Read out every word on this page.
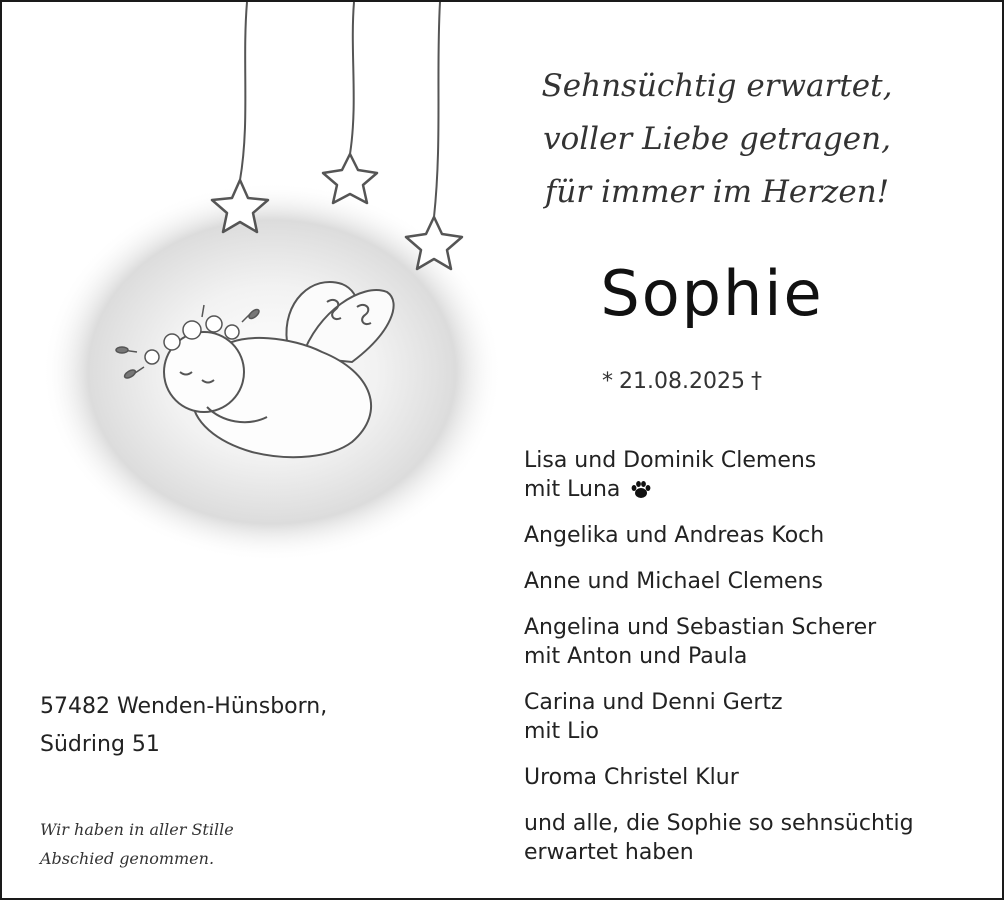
Sehnsüchtig erwartet,
voller Liebe getragen,
für immer im Herzen!
Sophie
* 21.08.2025 †
Lisa und Dominik Clemens
mit Luna
Angelika und Andreas Koch
Anne und Michael Clemens
Angelina und Sebastian Scherer
mit Anton und Paula
Carina und Denni Gertz
mit Lio
Uroma Christel Klur
und alle, die Sophie so sehnsüchtig
erwartet haben
57482 Wenden-Hünsborn,
Südring 51
Wir haben in aller Stille
Abschied genommen.
